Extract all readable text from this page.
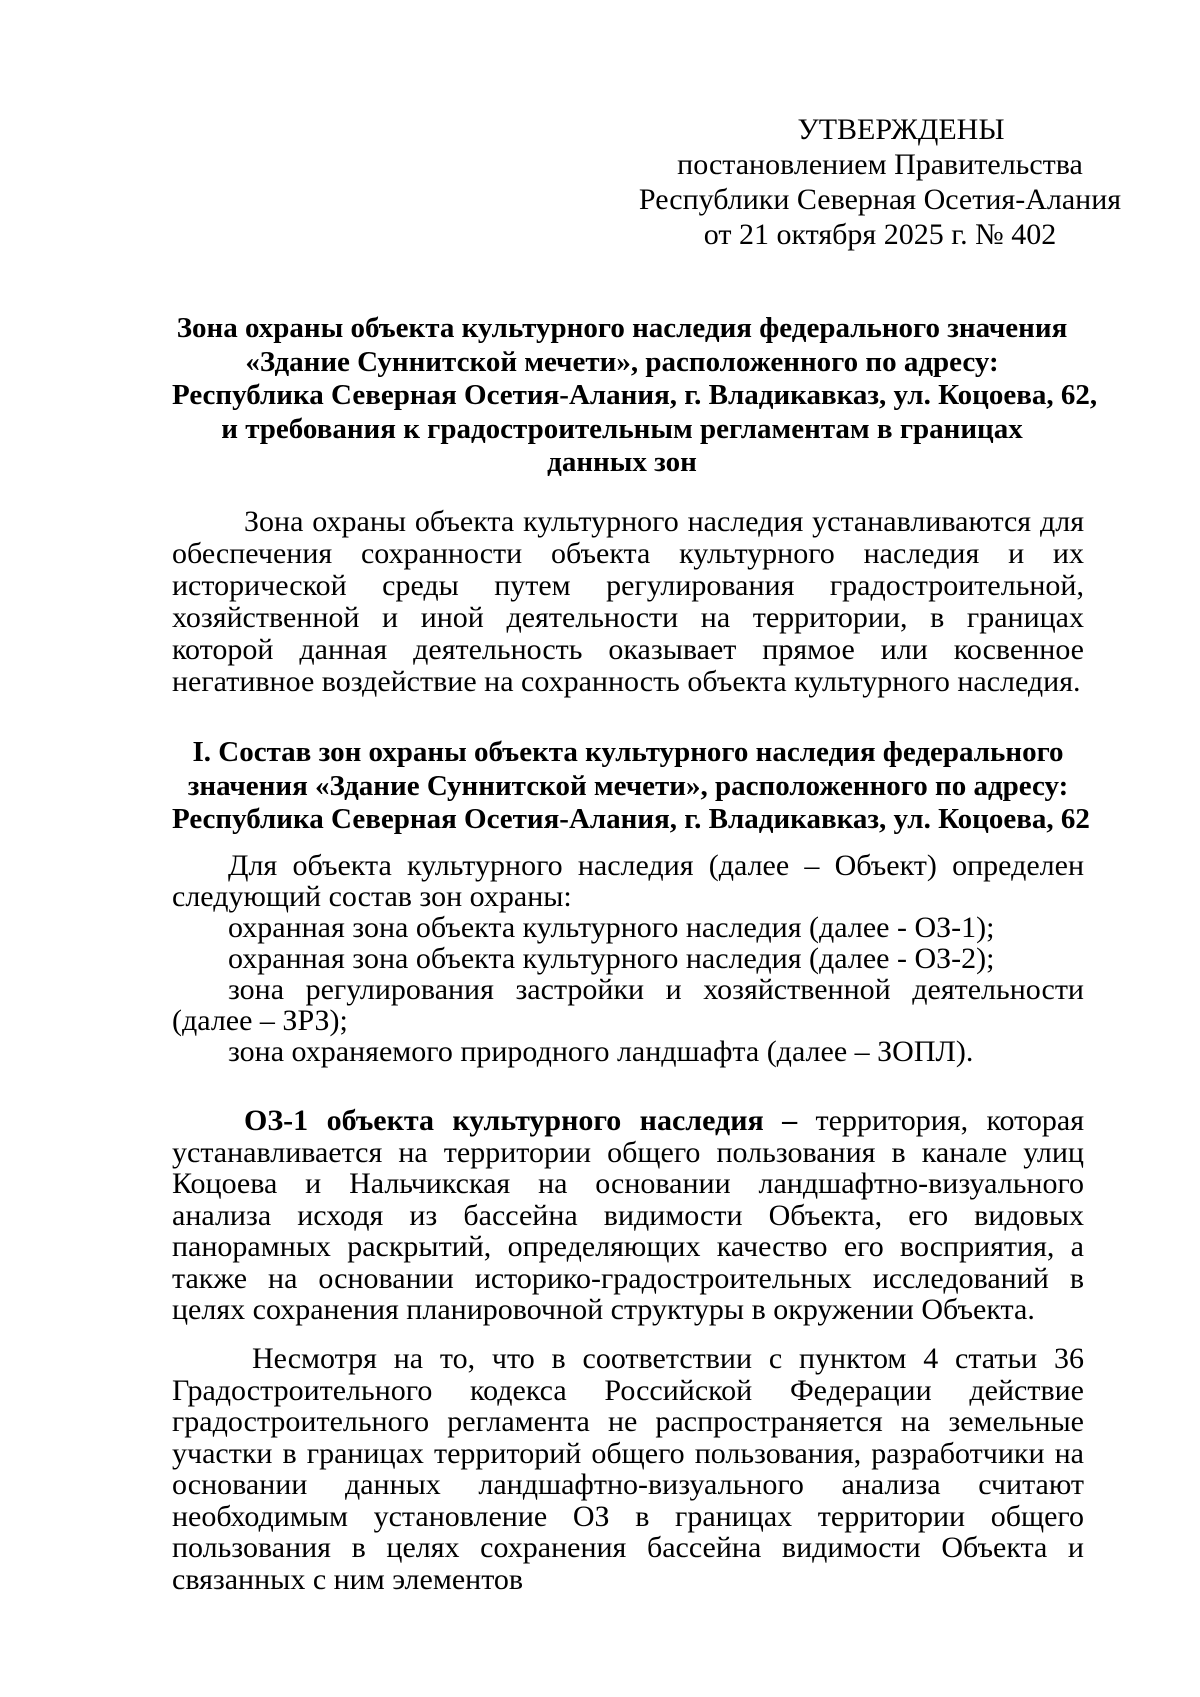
УТВЕРЖДЕНЫ
постановлением Правительства
Республики Северная Осетия-Алания
от 21 октября 2025 г. № 402
Зона охраны объекта культурного наследия федерального значения
«Здание Суннитской мечети», расположенного по адресу:
Республика Северная Осетия-Алания, г. Владикавказ, ул. Коцоева, 62,
и требования к градостроительным регламентам в границах
данных зон
Зона охраны объекта культурного наследия устанавливаются для обеспечения сохранности объекта культурного наследия и их исторической среды путем регулирования градостроительной, хозяйственной и иной деятельности на территории, в границах которой данная деятельность оказывает прямое или косвенное негативное воздействие на сохранность объекта культурного наследия.
I. Состав зон охраны объекта культурного наследия федерального
значения «Здание Суннитской мечети», расположенного по адресу:
Республика Северная Осетия-Алания, г. Владикавказ, ул. Коцоева, 62
Для объекта культурного наследия (далее – Объект) определен следующий состав зон охраны:
охранная зона объекта культурного наследия (далее - ОЗ-1);
охранная зона объекта культурного наследия (далее - ОЗ-2);
зона регулирования застройки и хозяйственной деятельности (далее – ЗРЗ);
зона охраняемого природного ландшафта (далее – ЗОПЛ).
ОЗ-1 объекта культурного наследия – территория, которая устанавливается на территории общего пользования в канале улиц Коцоева и Нальчикская на основании ландшафтно-визуального анализа исходя из бассейна видимости Объекта, его видовых панорамных раскрытий, определяющих качество его восприятия, а также на основании историко-градостроительных исследований в целях сохранения планировочной структуры в окружении Объекта.
Несмотря на то, что в соответствии с пунктом 4 статьи 36 Градостроительного кодекса Российской Федерации действие градостроительного регламента не распространяется на земельные участки в границах территорий общего пользования, разработчики на основании данных ландшафтно-визуального анализа считают необходимым установление ОЗ в границах территории общего пользования в целях сохранения бассейна видимости Объекта и связанных с ним элементов
